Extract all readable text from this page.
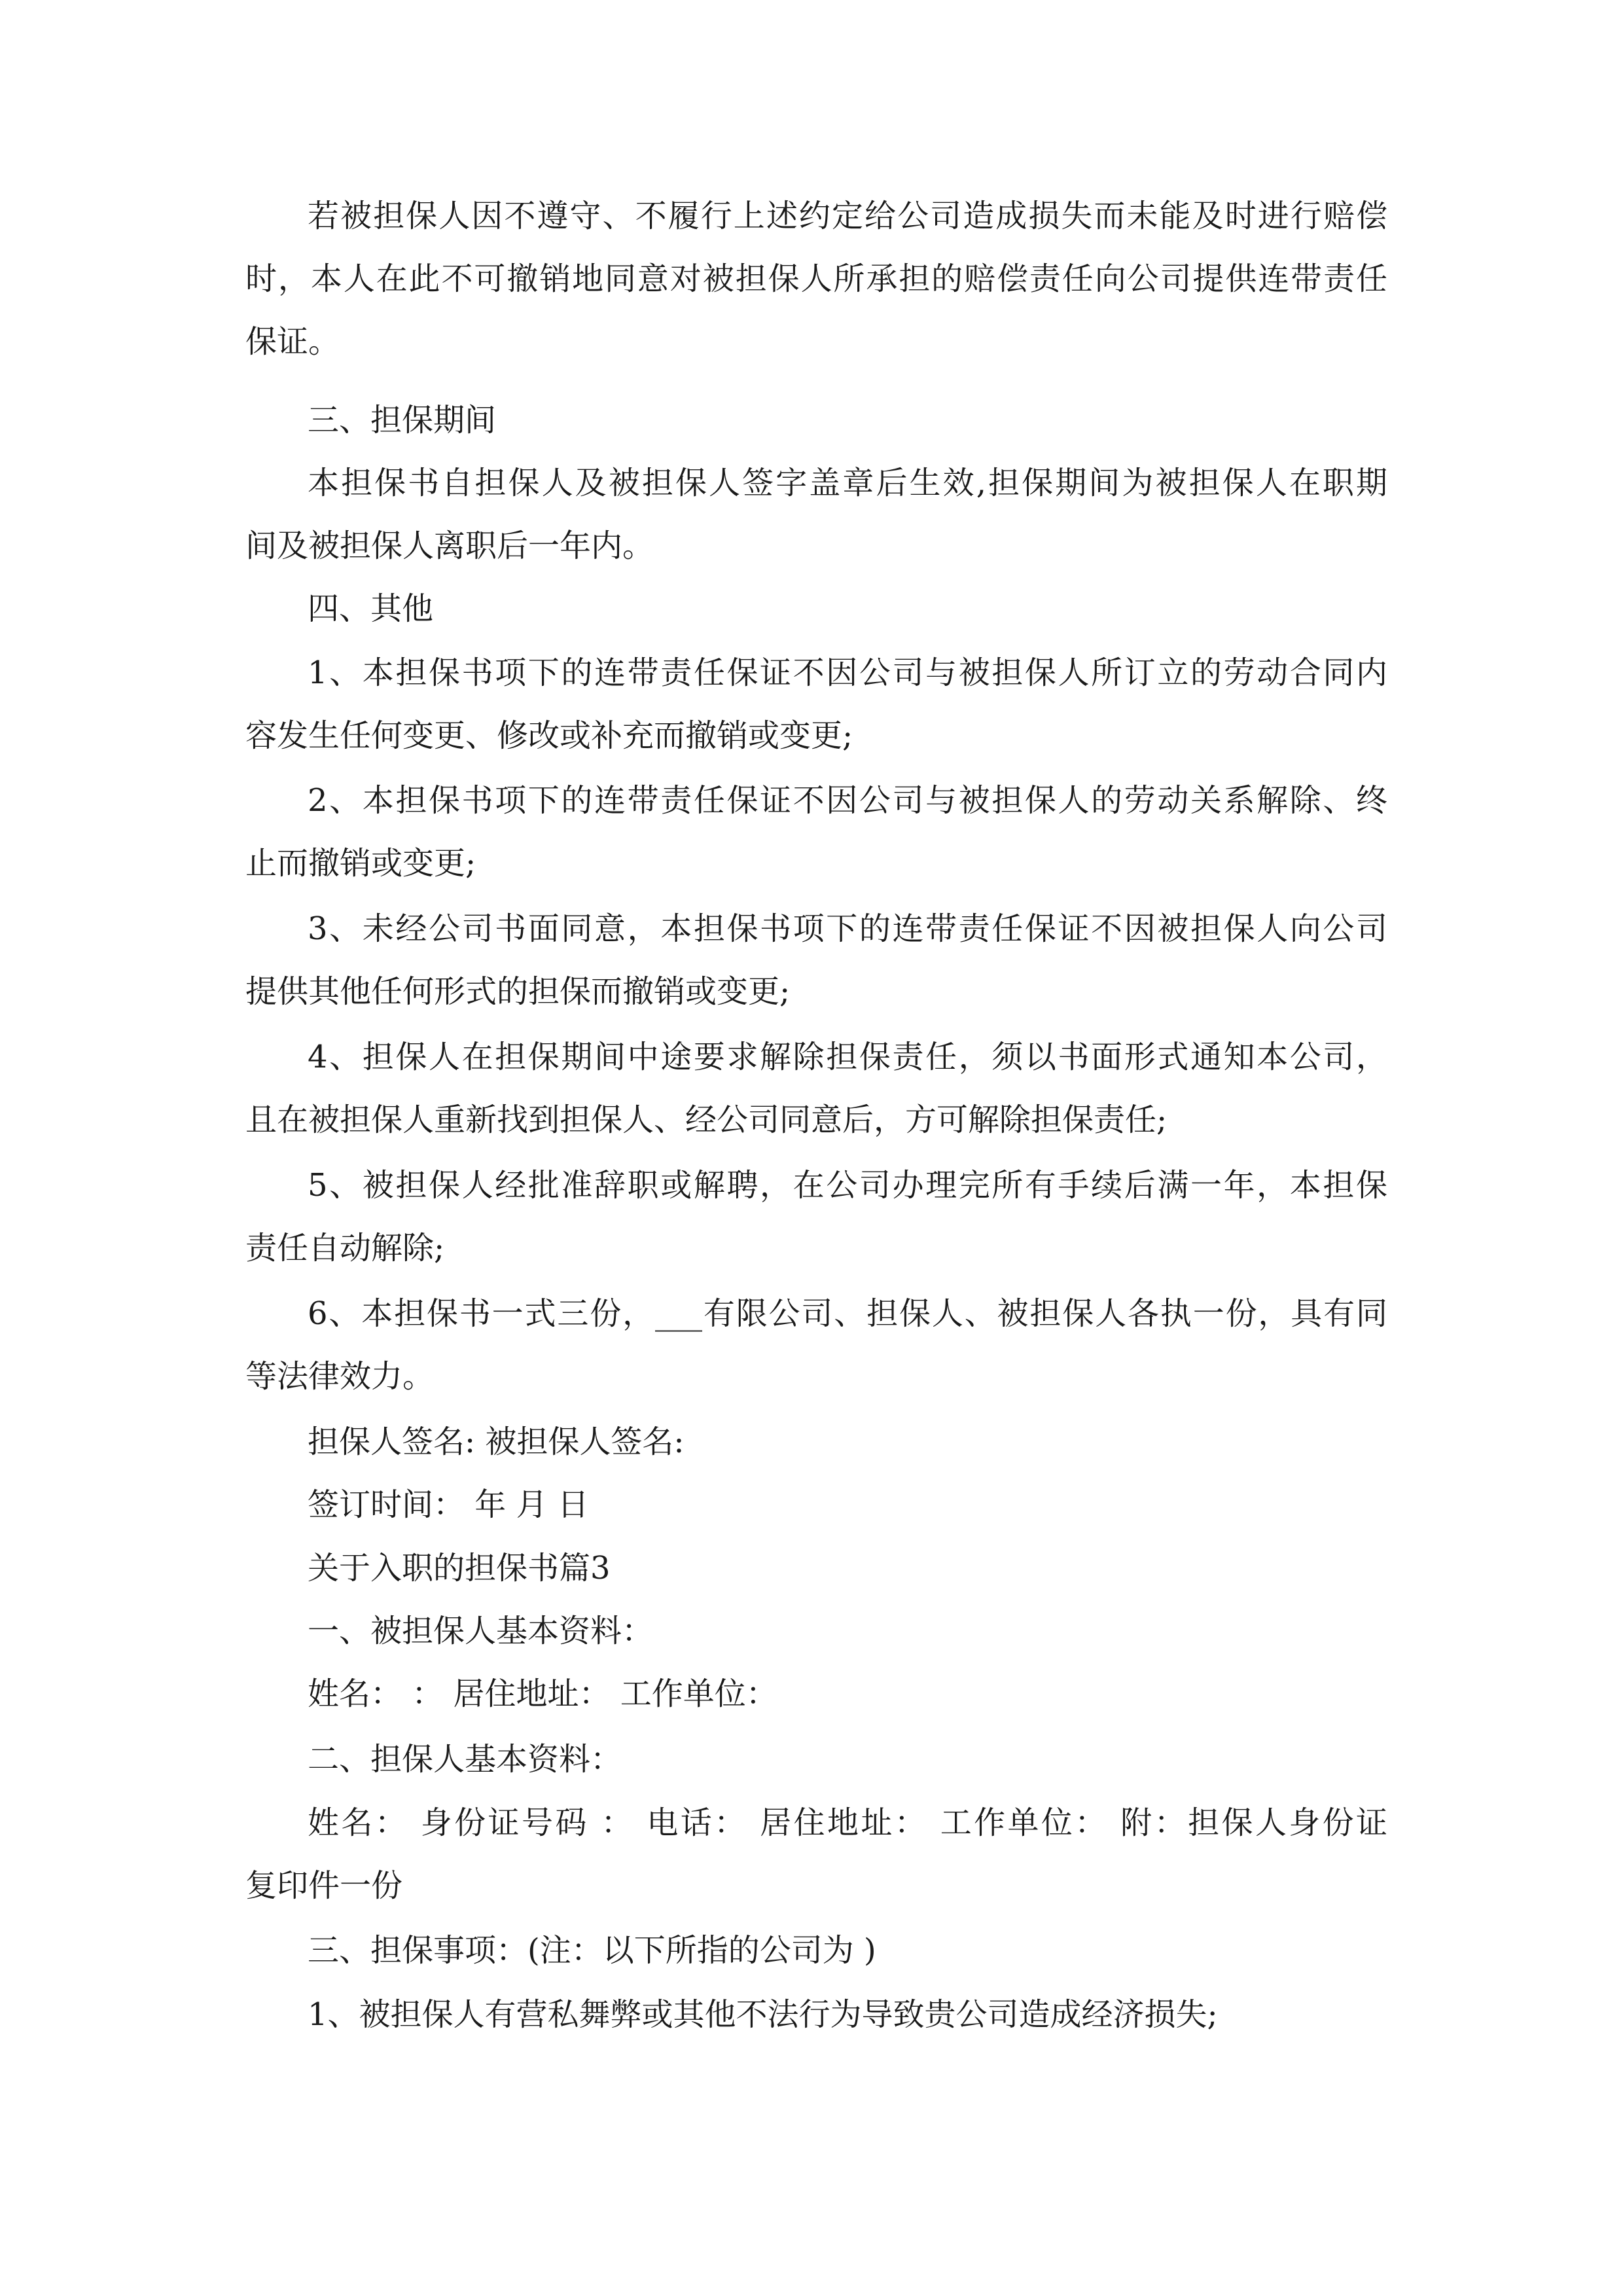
若被担保人因不遵守、不履行上述约定给公司造成损失而未能及时进行赔偿
时，本人在此不可撤销地同意对被担保人所承担的赔偿责任向公司提供连带责任
保证。
三、担保期间
本担保书自担保人及被担保人签字盖章后生效,担保期间为被担保人在职期
间及被担保人离职后一年内。
四、其他
1、本担保书项下的连带责任保证不因公司与被担保人所订立的劳动合同内
容发生任何变更、修改或补充而撤销或变更;
2、本担保书项下的连带责任保证不因公司与被担保人的劳动关系解除、终
止而撤销或变更;
3、未经公司书面同意，本担保书项下的连带责任保证不因被担保人向公司
提供其他任何形式的担保而撤销或变更;
4、担保人在担保期间中途要求解除担保责任，须以书面形式通知本公司，
且在被担保人重新找到担保人、经公司同意后，方可解除担保责任;
5、被担保人经批准辞职或解聘，在公司办理完所有手续后满一年，本担保
责任自动解除;
6、本担保书一式三份，___有限公司、担保人、被担保人各执一份，具有同
等法律效力。
担保人签名: 被担保人签名:
签订时间： 年 月 日
关于入职的担保书篇3
一、被担保人基本资料：
姓名： ： 居住地址： 工作单位：
二、担保人基本资料：
姓名： 身份证号码 ： 电话： 居住地址： 工作单位： 附：担保人身份证
复印件一份
三、担保事项：(注：以下所指的公司为 )
1、被担保人有营私舞弊或其他不法行为导致贵公司造成经济损失;
